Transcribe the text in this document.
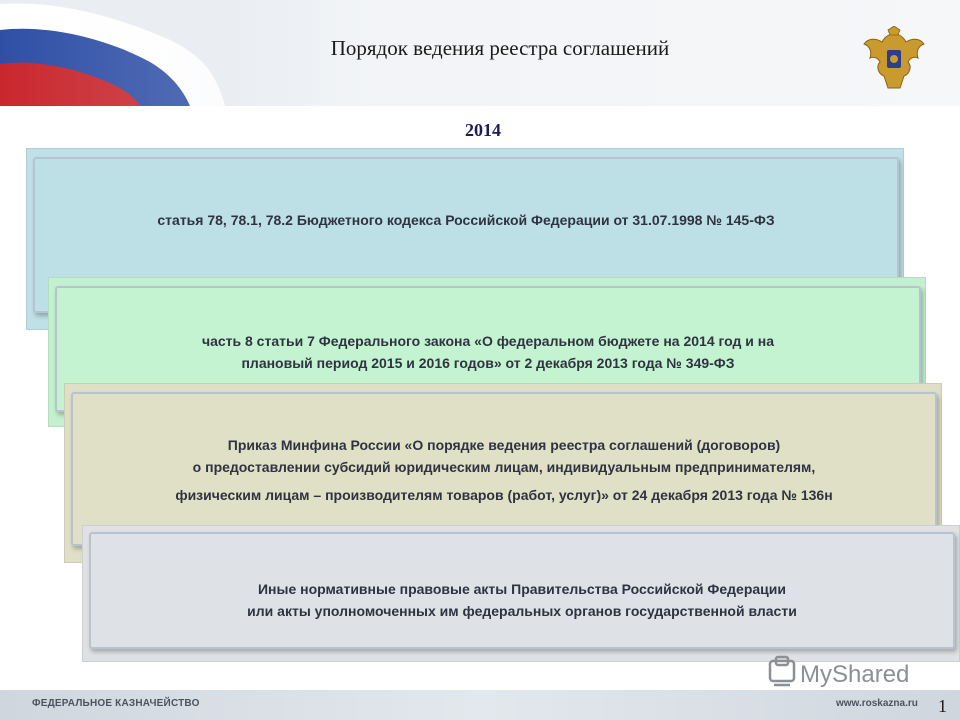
Порядок ведения реестра соглашений
2014
статья 78, 78.1, 78.2 Бюджетного кодекса Российской Федерации от 31.07.1998 № 145-ФЗ
часть 8 статьи 7 Федерального закона «О федеральном бюджете на 2014 год и на
плановый период 2015 и 2016 годов» от 2 декабря 2013 года № 349-ФЗ
Приказ Минфина России «О порядке ведения реестра соглашений (договоров)
о предоставлении субсидий юридическим лицам, индивидуальным предпринимателям,
физическим лицам – производителям товаров (работ, услуг)» от 24 декабря 2013 года № 136н
Иные нормативные правовые акты Правительства Российской Федерации
или акты уполномоченных им федеральных органов государственной власти
MyShared
ФЕДЕРАЛЬНОЕ КАЗНАЧЕЙСТВО	www.roskazna.ru 1
